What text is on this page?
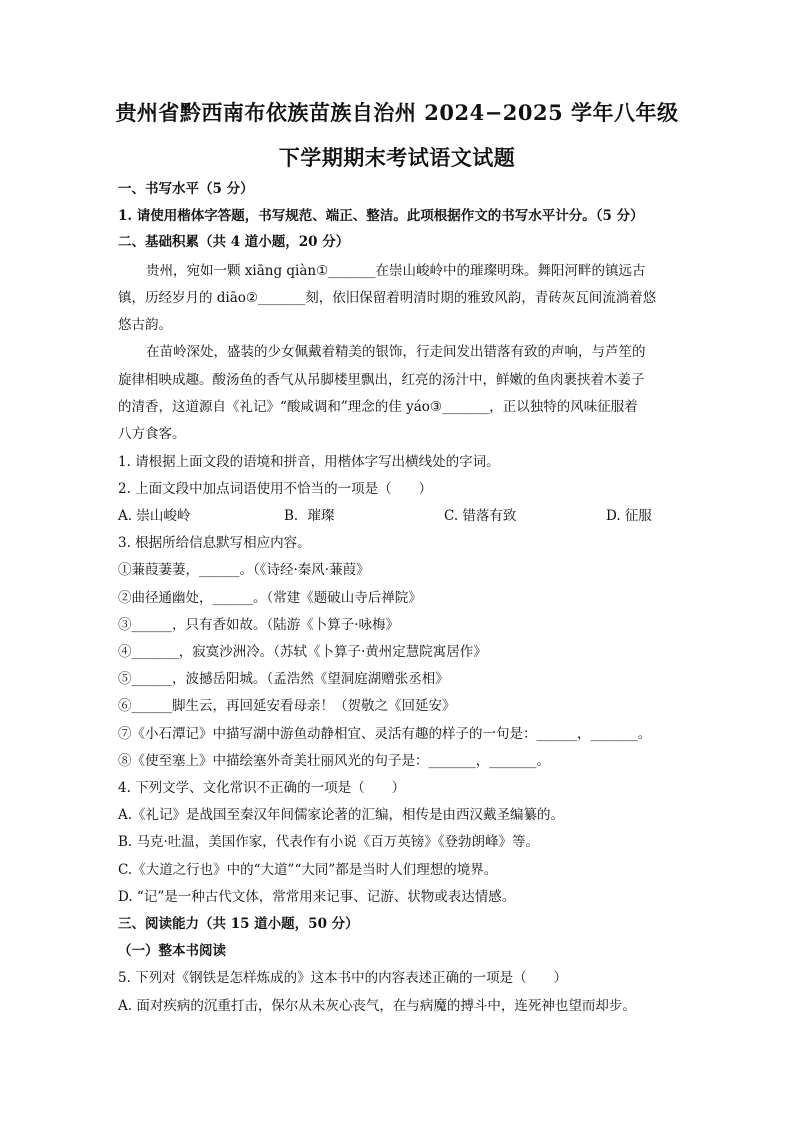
贵州省黔西南布依族苗族自治州 2024−2025 学年八年级
下学期期末考试语文试题
一、书写水平（5 分）
1. 请使用楷体字答题，书写规范、端正、整洁。此项根据作文的书写水平计分。（5 分）
二、基础积累（共 4 道小题，20 分）
贵州，宛如一颗 xiāng qiàn①_______在崇山峻岭中的璀璨明珠。舞阳河畔的镇远古
镇，历经岁月的 diāo②_______刻，依旧保留着明清时期的雅致风韵，青砖灰瓦间流淌着悠
悠古韵。
在苗岭深处，盛装的少女佩戴着精美的银饰，行走间发出错落有致的声响，与芦笙的
旋律相映成趣。酸汤鱼的香气从吊脚楼里飘出，红亮的汤汁中，鲜嫩的鱼肉裹挟着木姜子
的清香，这道源自《礼记》“酸咸调和”理念的佳 yáo③_______，正以独特的风味征服着
八方食客。
1. 请根据上面文段的语境和拼音，用楷体字写出横线处的字词。
2. 上面文段中加点词语使用不恰当的一项是（　　）
A. 崇山峻岭	B．璀璨	C. 错落有致	D. 征服
3. 根据所给信息默写相应内容。
①蒹葭萋萋，______。（《诗经·秦风·蒹葭》
②曲径通幽处，______。（常建《题破山寺后禅院》
③______，只有香如故。（陆游《卜算子·咏梅》
④_______，寂寞沙洲冷。（苏轼《卜算子·黄州定慧院寓居作》
⑤______，波撼岳阳城。（孟浩然《望洞庭湖赠张丞相》
⑥______脚生云，再回延安看母亲！（贺敬之《回延安》
⑦《小石潭记》中描写湖中游鱼动静相宜、灵活有趣的样子的一句是：______，_______。
⑧《使至塞上》中描绘塞外奇美壮丽风光的句子是：_______，_______。
4. 下列文学、文化常识不正确的一项是（　　）
A.《礼记》是战国至秦汉年间儒家论著的汇编，相传是由西汉戴圣编纂的。
B. 马克·吐温，美国作家，代表作有小说《百万英镑》《登勃朗峰》等。
C.《大道之行也》中的“大道”“大同”都是当时人们理想的境界。
D. “记”是一种古代文体，常常用来记事、记游、状物或表达情感。
三、阅读能力（共 15 道小题，50 分）
（一）整本书阅读
5. 下列对《钢铁是怎样炼成的》这本书中的内容表述正确的一项是（　　）
A. 面对疾病的沉重打击，保尔从未灰心丧气，在与病魔的搏斗中，连死神也望而却步。
